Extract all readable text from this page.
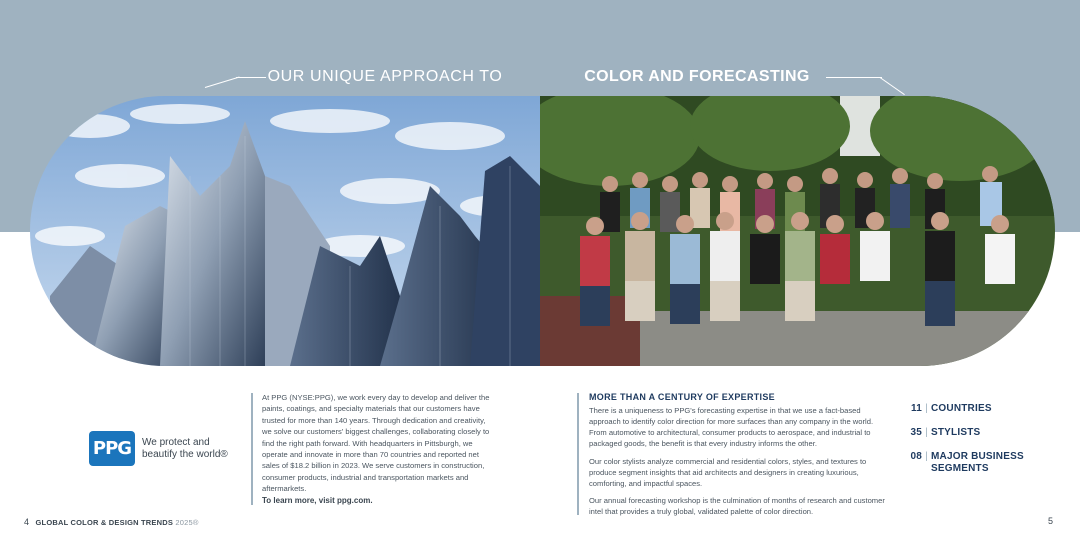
OUR UNIQUE APPROACH TO	COLOR AND FORECASTING
PPG We protect and
beautify the world®
At PPG (NYSE:PPG), we work every day to develop and deliver the paints, coatings, and specialty materials that our customers have trusted for more than 140 years. Through dedication and creativity, we solve our customers' biggest challenges, collaborating closely to find the right path forward. With headquarters in Pittsburgh, we operate and innovate in more than 70 countries and reported net sales of $18.2 billion in 2023. We serve customers in construction, consumer products, industrial and transportation markets and aftermarkets.
To learn more, visit ppg.com.
MORE THAN A CENTURY OF EXPERTISE
There is a uniqueness to PPG's forecasting expertise in that we use a fact-based approach to identify color direction for more surfaces than any company in the world. From automotive to architectural, consumer products to aerospace, and industrial to packaged goods, the benefit is that every industry informs the other.
Our color stylists analyze commercial and residential colors, styles, and textures to produce segment insights that aid architects and designers in creating luxurious, comforting, and impactful spaces.
Our annual forecasting workshop is the culmination of months of research and customer intel that provides a truly global, validated palette of color direction.
11 | COUNTRIES
35 | STYLISTS
08 | MAJOR BUSINESS SEGMENTS
4 GLOBAL COLOR & DESIGN TRENDS 2025®	5
